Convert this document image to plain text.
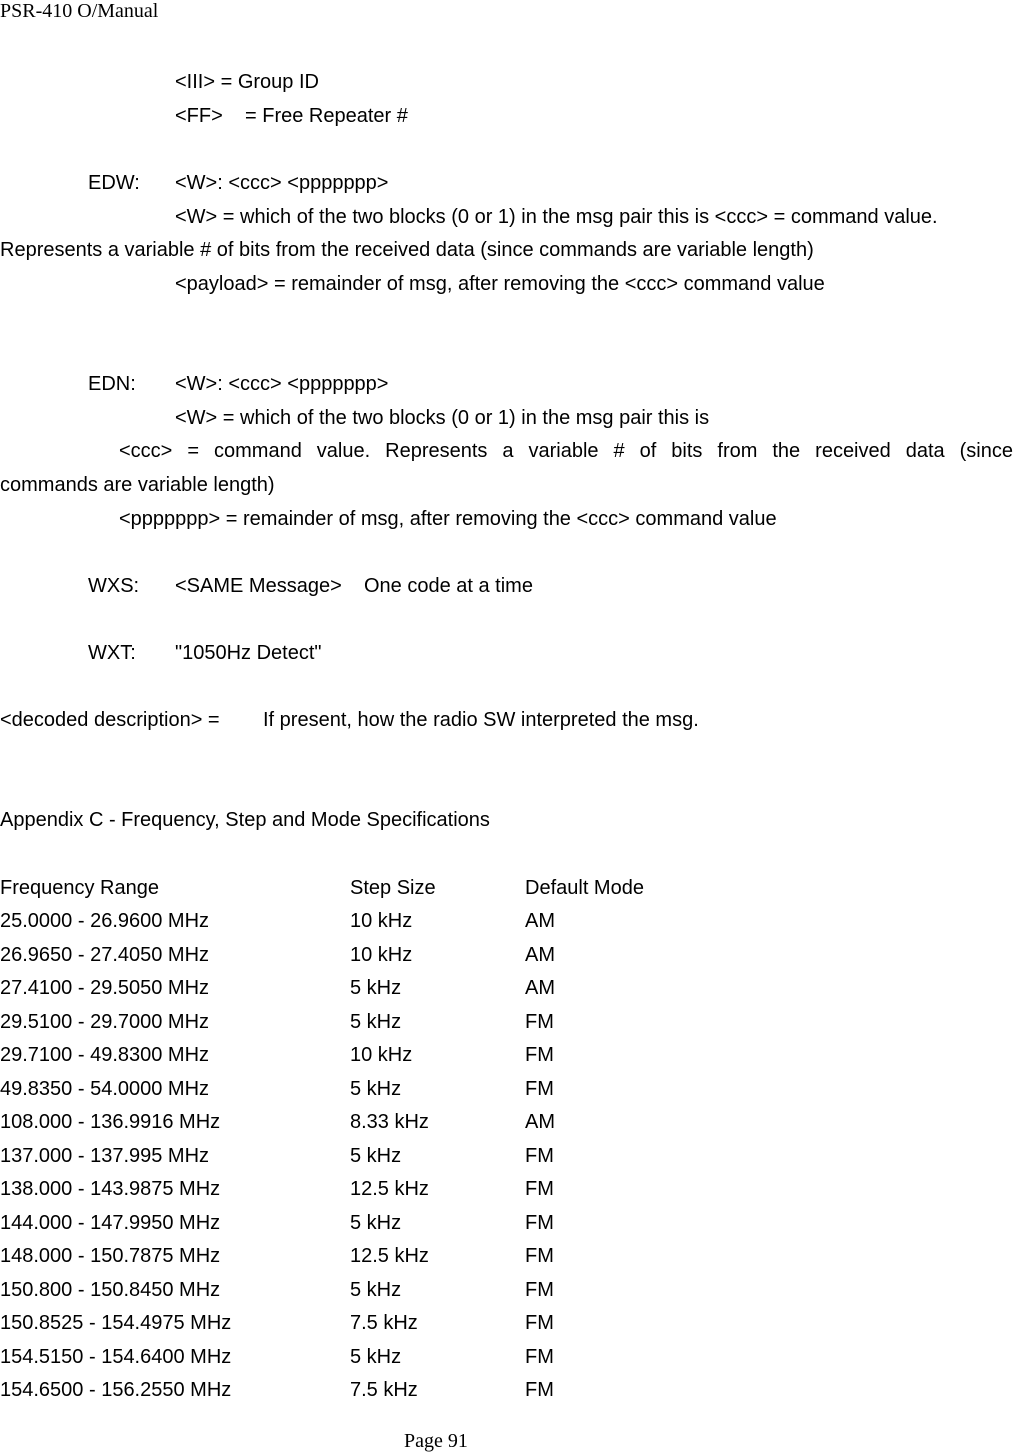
PSR-410 O/Manual
<III> = Group ID
<FF>    = Free Repeater #
EDW: <W>: <ccc> <ppppppp>
<W> = which of the two blocks (0 or 1) in the msg pair this is <ccc> = command value.
Represents a variable # of bits from the received data (since commands are variable length)
<payload> = remainder of msg, after removing the <ccc> command value
EDN: <W>: <ccc> <ppppppp>
<W> = which of the two blocks (0 or 1) in the msg pair this is
<ccc> = command value. Represents a variable # of bits from the received data (since
commands are variable length)
<ppppppp> = remainder of msg, after removing the <ccc> command value
WXS: <SAME Message>    One code at a time
WXT: "1050Hz Detect"
<decoded description> = If present, how the radio SW interpreted the msg.
Appendix C - Frequency, Step and Mode Specifications
Frequency Range	Step Size	Default Mode
25.0000 - 26.9600 MHz	10 kHz	AM
26.9650 - 27.4050 MHz	10 kHz	AM
27.4100 - 29.5050 MHz	5 kHz	AM
29.5100 - 29.7000 MHz	5 kHz	FM
29.7100 - 49.8300 MHz	10 kHz	FM
49.8350 - 54.0000 MHz	5 kHz	FM
108.000 - 136.9916 MHz	8.33 kHz	AM
137.000 - 137.995 MHz	5 kHz	FM
138.000 - 143.9875 MHz	12.5 kHz	FM
144.000 - 147.9950 MHz	5 kHz	FM
148.000 - 150.7875 MHz	12.5 kHz	FM
150.800 - 150.8450 MHz	5 kHz	FM
150.8525 - 154.4975 MHz	7.5 kHz	FM
154.5150 - 154.6400 MHz	5 kHz	FM
154.6500 - 156.2550 MHz	7.5 kHz	FM
Page 91
